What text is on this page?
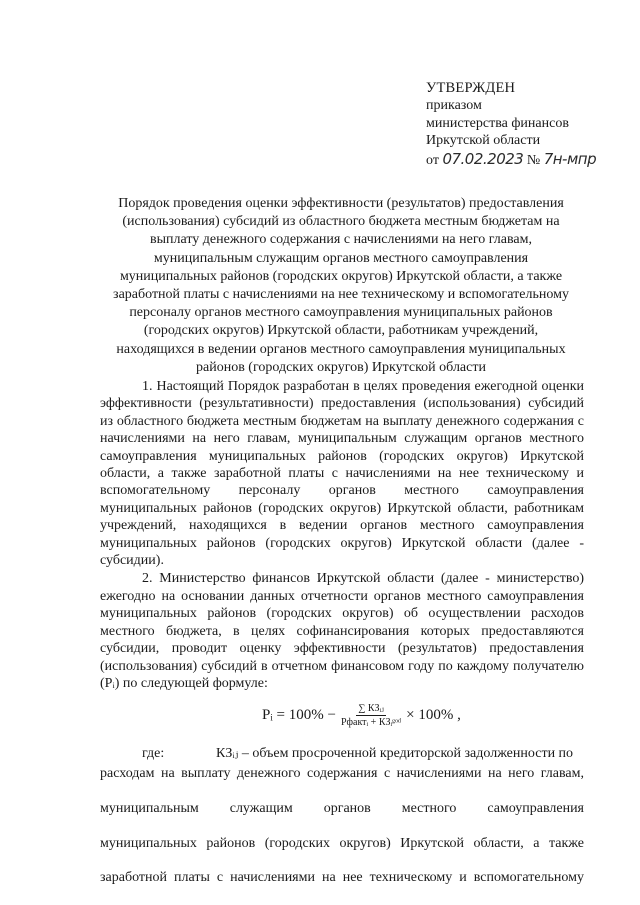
УТВЕРЖДЕН
приказом
министерства финансов
Иркутской области
от 07.02.2023 № 7н-мпр
Порядок проведения оценки эффективности (результатов) предоставления
(использования) субсидий из областного бюджета местным бюджетам на
выплату денежного содержания с начислениями на него главам,
муниципальным служащим органов местного самоуправления
муниципальных районов (городских округов) Иркутской области, а также
заработной платы с начислениями на нее техническому и вспомогательному
персоналу органов местного самоуправления муниципальных районов
(городских округов) Иркутской области, работникам учреждений,
находящихся в ведении органов местного самоуправления муниципальных
районов (городских округов) Иркутской области

1. Настоящий Порядок разработан в целях проведения ежегодной оценки эффективности (результативности) предоставления (использования) субсидий из областного бюджета местным бюджетам на выплату денежного содержания с начислениями на него главам, муниципальным служащим органов местного самоуправления муниципальных районов (городских округов) Иркутской области, а также заработной платы с начислениями на нее техническому и вспомогательному персоналу органов местного самоуправления муниципальных районов (городских округов) Иркутской области, работникам учреждений, находящихся в ведении органов местного самоуправления муниципальных районов (городских округов) Иркутской области (далее - субсидии).

2. Министерство финансов Иркутской области (далее - министерство) ежегодно на основании данных отчетности органов местного самоуправления муниципальных районов (городских округов) об осуществлении расходов местного бюджета, в целях софинансирования которых предоставляются субсидии, проводит оценку эффективности (результатов) предоставления (использования) субсидий в отчетном финансовом году по каждому получателю (Pᵢ) по следующей формуле:

Pᵢ = $100\% - \frac{\text{∑ КЗᵢⱼ}}{\text{Рфактᵢ + КЗᵢᵍᵒᵈ}} \times 100\%$ ,
где:	КЗᵢⱼ – объем просроченной кредиторской задолженности по

расходам на выплату денежного содержания с начислениями на него главам,

муниципальным служащим органов местного самоуправления

муниципальных районов (городских округов) Иркутской области, а также

заработной платы с начислениями на нее техническому и вспомогательному
